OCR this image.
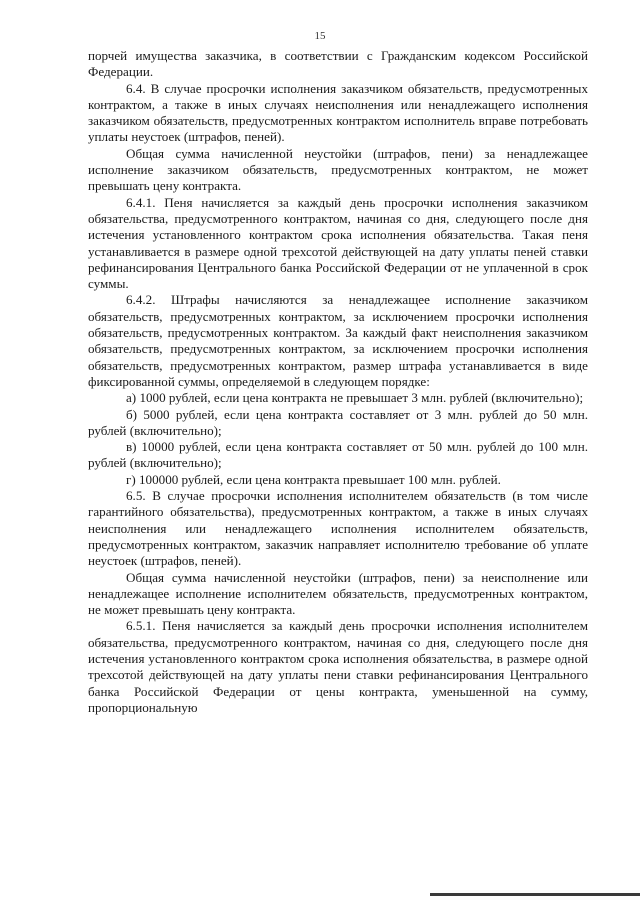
15

порчей имущества заказчика, в соответствии с Гражданским кодексом Российской Федерации.

6.4. В случае просрочки исполнения заказчиком обязательств, предусмотренных контрактом, а также в иных случаях неисполнения или ненадлежащего исполнения заказчиком обязательств, предусмотренных контрактом исполнитель вправе потребовать уплаты неустоек (штрафов, пеней).

Общая сумма начисленной неустойки (штрафов, пени) за ненадлежащее исполнение заказчиком обязательств, предусмотренных контрактом, не может превышать цену контракта.

6.4.1. Пеня начисляется за каждый день просрочки исполнения заказчиком обязательства, предусмотренного контрактом, начиная со дня, следующего после дня истечения установленного контрактом срока исполнения обязательства. Такая пеня устанавливается в размере одной трехсотой действующей на дату уплаты пеней ставки рефинансирования Центрального банка Российской Федерации от не уплаченной в срок суммы.

6.4.2. Штрафы начисляются за ненадлежащее исполнение заказчиком обязательств, предусмотренных контрактом, за исключением просрочки исполнения обязательств, предусмотренных контрактом. За каждый факт неисполнения заказчиком обязательств, предусмотренных контрактом, за исключением просрочки исполнения обязательств, предусмотренных контрактом, размер штрафа устанавливается в виде фиксированной суммы, определяемой в следующем порядке:

а) 1000 рублей, если цена контракта не превышает 3 млн. рублей (включительно);

б) 5000 рублей, если цена контракта составляет от 3 млн. рублей до 50 млн. рублей (включительно);

в) 10000 рублей, если цена контракта составляет от 50 млн. рублей до 100 млн. рублей (включительно);

г) 100000 рублей, если цена контракта превышает 100 млн. рублей.

6.5. В случае просрочки исполнения исполнителем обязательств (в том числе гарантийного обязательства), предусмотренных контрактом, а также в иных случаях неисполнения или ненадлежащего исполнения исполнителем обязательств, предусмотренных контрактом, заказчик направляет исполнителю требование об уплате неустоек (штрафов, пеней).

Общая сумма начисленной неустойки (штрафов, пени) за неисполнение или ненадлежащее исполнение исполнителем обязательств, предусмотренных контрактом, не может превышать цену контракта.

6.5.1. Пеня начисляется за каждый день просрочки исполнения исполнителем обязательства, предусмотренного контрактом, начиная со дня, следующего после дня истечения установленного контрактом срока исполнения обязательства, в размере одной трехсотой действующей на дату уплаты пени ставки рефинансирования Центрального банка Российской Федерации от цены контракта, уменьшенной на сумму, пропорциональную
